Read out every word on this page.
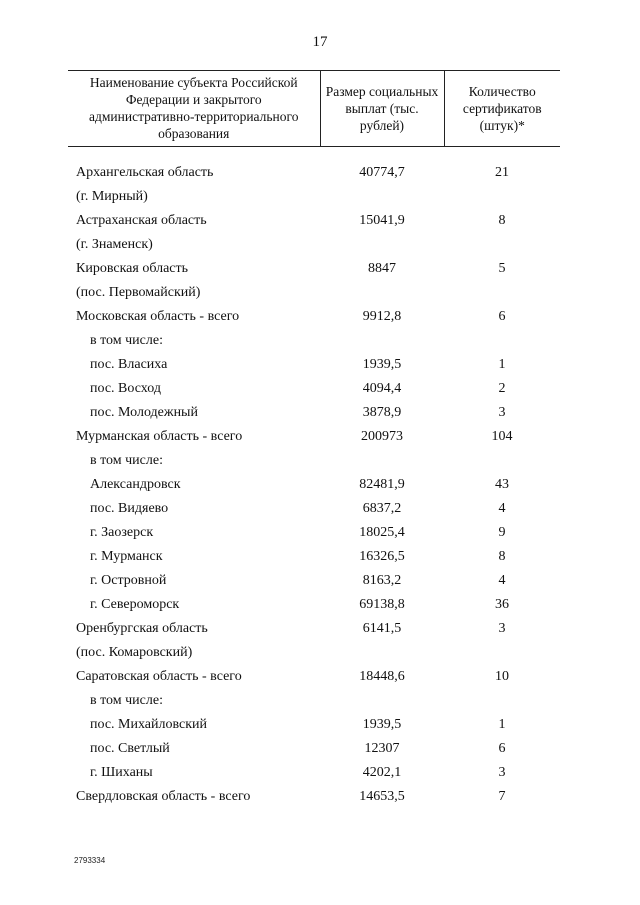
17
Наименование субъекта Российской Федерации и закрытого административно-территориального образования	Размер социальных выплат (тыс. рублей)	Количество сертификатов (штук)*
Архангельская область	40774,7	21
(г. Мирный)		
Астраханская область	15041,9	8
(г. Знаменск)		
Кировская область	8847	5
(пос. Первомайский)		
Московская область - всего	9912,8	6
в том числе:		
пос. Власиха	1939,5	1
пос. Восход	4094,4	2
пос. Молодежный	3878,9	3
Мурманская область - всего	200973	104
в том числе:		
Александровск	82481,9	43
пос. Видяево	6837,2	4
г. Заозерск	18025,4	9
г. Мурманск	16326,5	8
г. Островной	8163,2	4
г. Североморск	69138,8	36
Оренбургская область	6141,5	3
(пос. Комаровский)		
Саратовская область - всего	18448,6	10
в том числе:		
пос. Михайловский	1939,5	1
пос. Светлый	12307	6
г. Шиханы	4202,1	3
Свердловская область - всего	14653,5	7
2793334
